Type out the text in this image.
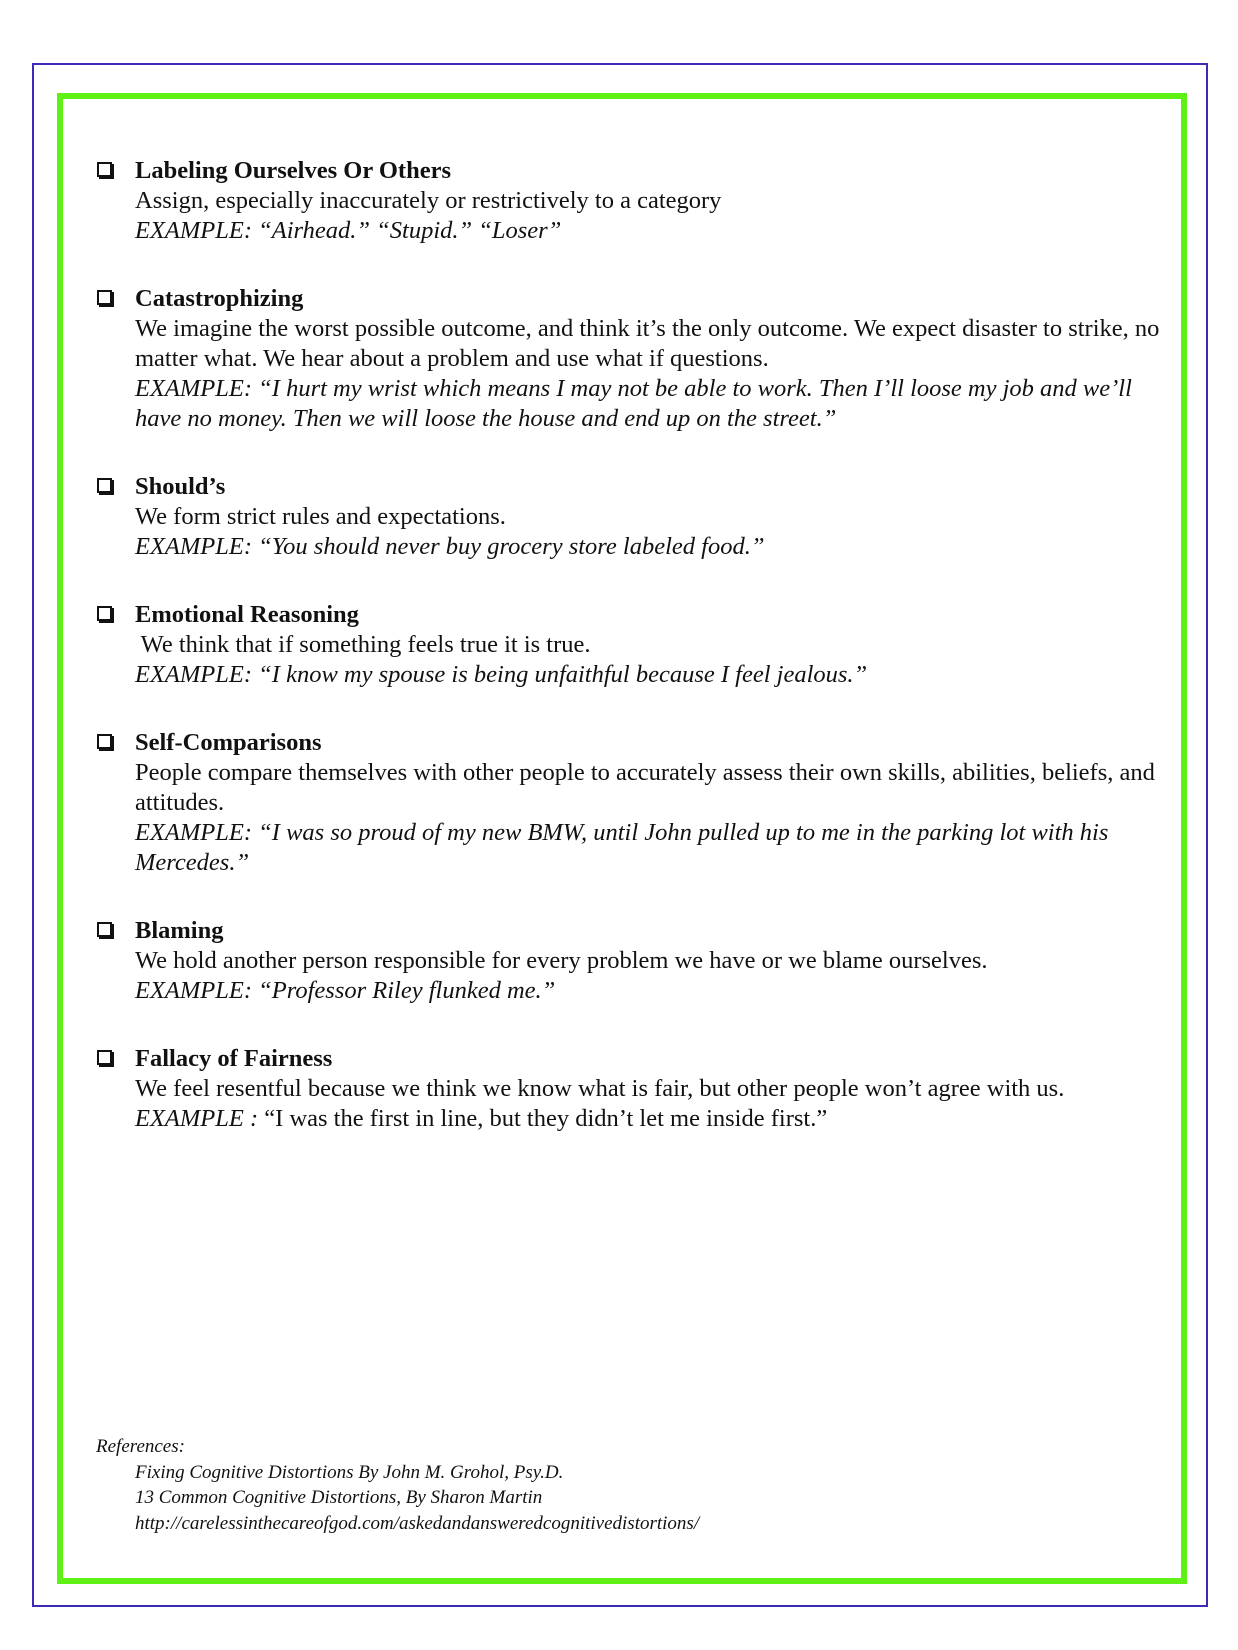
Labeling Ourselves Or Others

Assign, especially inaccurately or restrictively to a category

EXAMPLE: “Airhead.” “Stupid.” “Loser”
Catastrophizing

We imagine the worst possible outcome, and think it’s the only outcome. We expect disaster to strike, no matter what. We hear about a problem and use what if questions.

EXAMPLE: “I hurt my wrist which means I may not be able to work. Then I’ll loose my job and we’ll have no money. Then we will loose the house and end up on the street.”
Should’s

We form strict rules and expectations.

EXAMPLE: “You should never buy grocery store labeled food.”
Emotional Reasoning

We think that if something feels true it is true.

EXAMPLE: “I know my spouse is being unfaithful because I feel jealous.”
Self-Comparisons

People compare themselves with other people to accurately assess their own skills, abilities, beliefs, and attitudes.

EXAMPLE: “I was so proud of my new BMW, until John pulled up to me in the parking lot with his Mercedes.”
Blaming

We hold another person responsible for every problem we have or we blame ourselves.

EXAMPLE: “Professor Riley flunked me.”
Fallacy of Fairness

We feel resentful because we think we know what is fair, but other people won’t agree with us.

EXAMPLE : “I was the first in line, but they didn’t let me inside first.”
References:
Fixing Cognitive Distortions By John M. Grohol, Psy.D.
13 Common Cognitive Distortions, By Sharon Martin
http://carelessinthecareofgod.com/askedandansweredcognitivedistortions/
